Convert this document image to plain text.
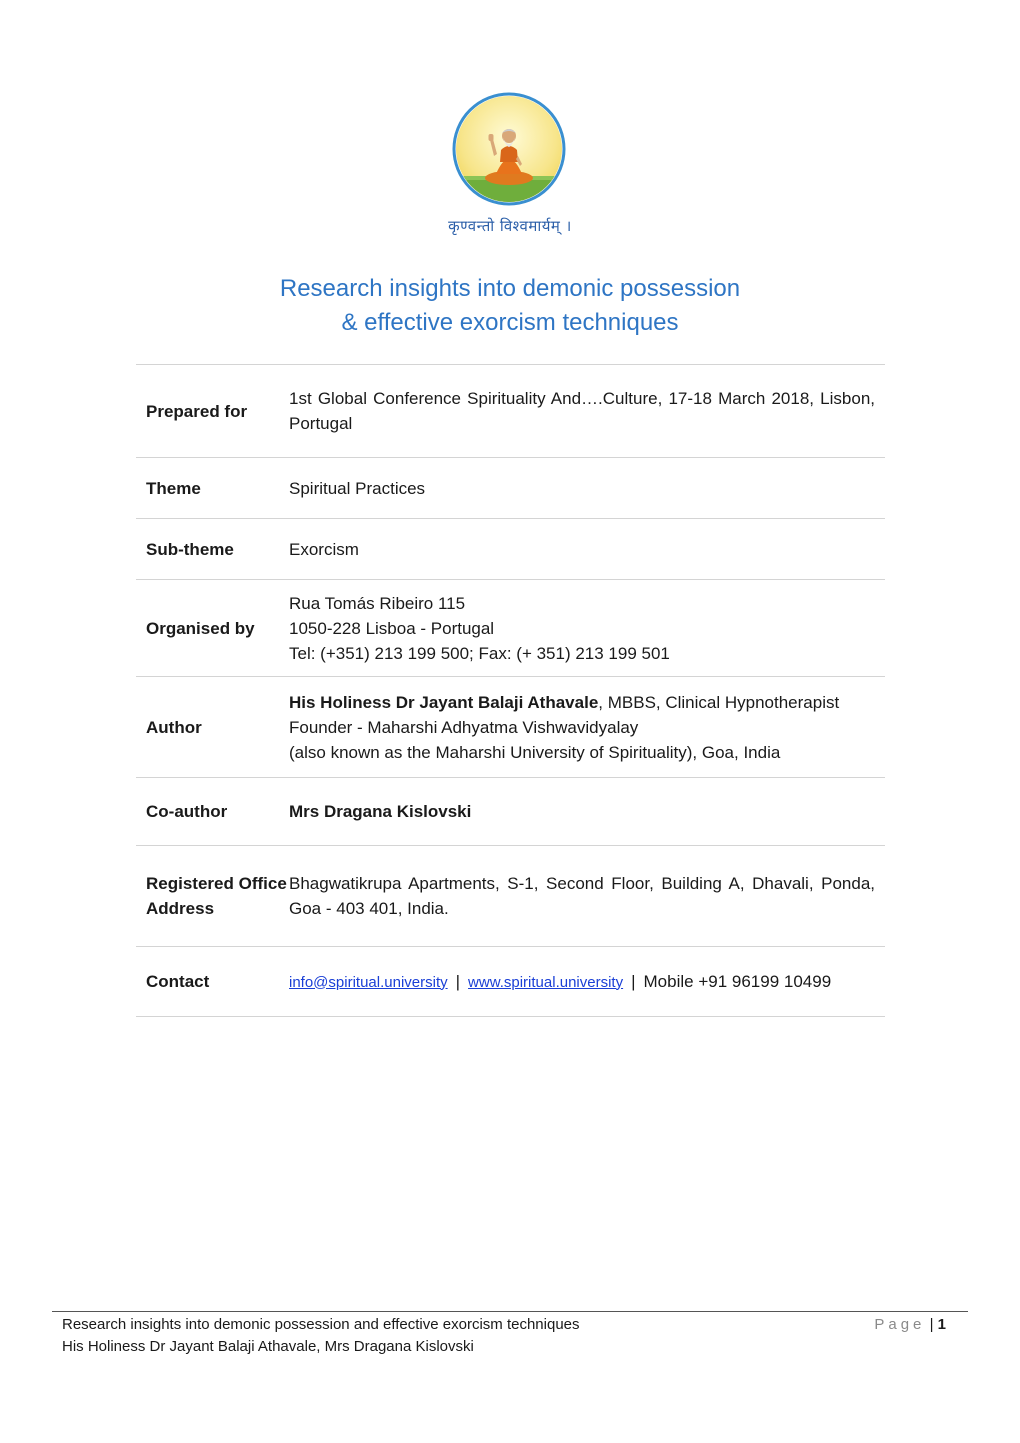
कृण्वन्तो विश्वमार्यम् ।
Research insights into demonic possession
& effective exorcism techniques
Prepared for	1st Global Conference Spirituality And….Culture, 17-18 March 2018, Lisbon, Portugal
Theme	Spiritual Practices
Sub-theme	Exorcism
Organised by	Rua Tomás Ribeiro 115
1050-228 Lisboa - Portugal
Tel: (+351) 213 199 500; Fax: (+ 351) 213 199 501

Author	His Holiness Dr Jayant Balaji Athavale, MBBS, Clinical Hypnotherapist
Founder - Maharshi Adhyatma Vishwavidyalay
(also known as the Maharshi University of Spirituality), Goa, India

Co-author	Mrs Dragana Kislovski
Registered Office Address	Bhagwatikrupa Apartments, S-1, Second Floor, Building A, Dhavali, Ponda, Goa - 403 401, India.
Contact	info@spiritual.university | www.spiritual.university | Mobile +91 96199 10499
Research insights into demonic possession and effective exorcism techniques
His Holiness Dr Jayant Balaji Athavale, Mrs Dragana Kislovski
Page | 1
